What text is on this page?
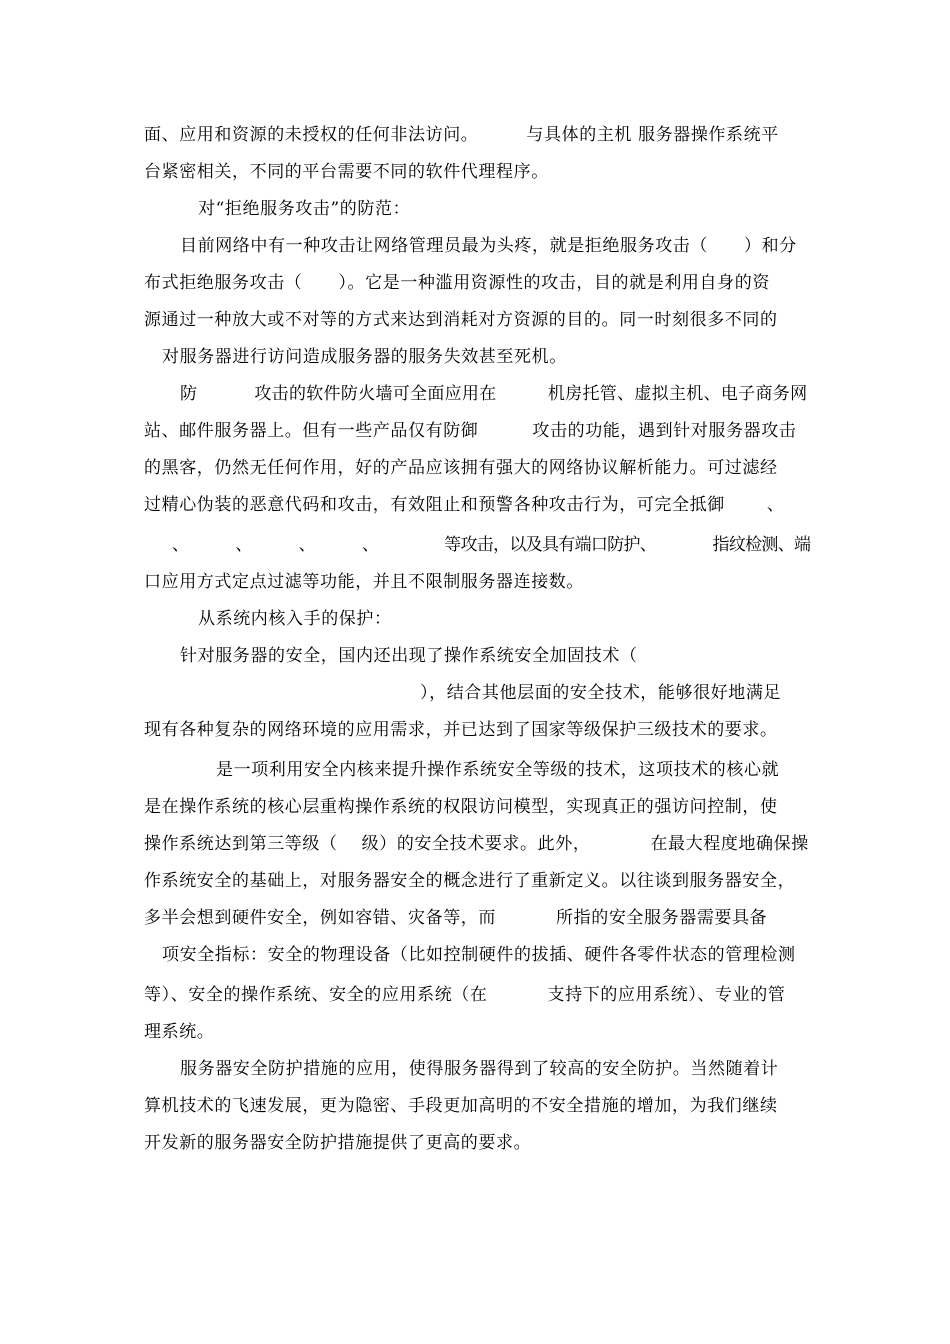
面、应用和资源的未授权的任何非法访问。        与具体的主机 服务器操作系统平
台紧密相关，不同的平台需要不同的软件代理程序。
对“拒绝服务攻击”的防范：
目前网络中有一种攻击让网络管理员最为头疼，就是拒绝服务攻击（      ）和分
布式拒绝服务攻击（      ）。它是一种滥用资源性的攻击，目的就是利用自身的资
源通过一种放大或不对等的方式来达到消耗对方资源的目的。同一时刻很多不同的
对服务器进行访问造成服务器的服务失效甚至死机。
防          攻击的软件防火墙可全面应用在         机房托管、虚拟主机、电子商务网
站、邮件服务器上。但有一些产品仅有防御         攻击的功能，遇到针对服务器攻击
的黑客，仍然无任何作用，好的产品应该拥有强大的网络协议解析能力。可过滤经
过精心伪装的恶意代码和攻击，有效阻止和预警各种攻击行为，可完全抵御       、
、          、          、          、              等攻击，以及具有端口防护、            指纹检测、端
口应用方式定点过滤等功能，并且不限制服务器连接数。
从系统内核入手的保护：
针对服务器的安全，国内还出现了操作系统安全加固技术（
），结合其他层面的安全技术，能够很好地满足
现有各种复杂的网络环境的应用需求，并已达到了国家等级保护三级技术的要求。
是一项利用安全内核来提升操作系统安全等级的技术，这项技术的核心就
是在操作系统的核心层重构操作系统的权限访问模型，实现真正的强访问控制，使
操作系统达到第三等级（    级）的安全技术要求。此外，          在最大程度地确保操
作系统安全的基础上，对服务器安全的概念进行了重新定义。以往谈到服务器安全，
多半会想到硬件安全，例如容错、灾备等，而          所指的安全服务器需要具备
项安全指标：安全的物理设备（比如控制硬件的拔插、硬件各零件状态的管理检测
等）、安全的操作系统、安全的应用系统（在          支持下的应用系统）、专业的管
理系统。
服务器安全防护措施的应用，使得服务器得到了较高的安全防护。当然随着计
算机技术的飞速发展，更为隐密、手段更加高明的不安全措施的增加，为我们继续
开发新的服务器安全防护措施提供了更高的要求。
